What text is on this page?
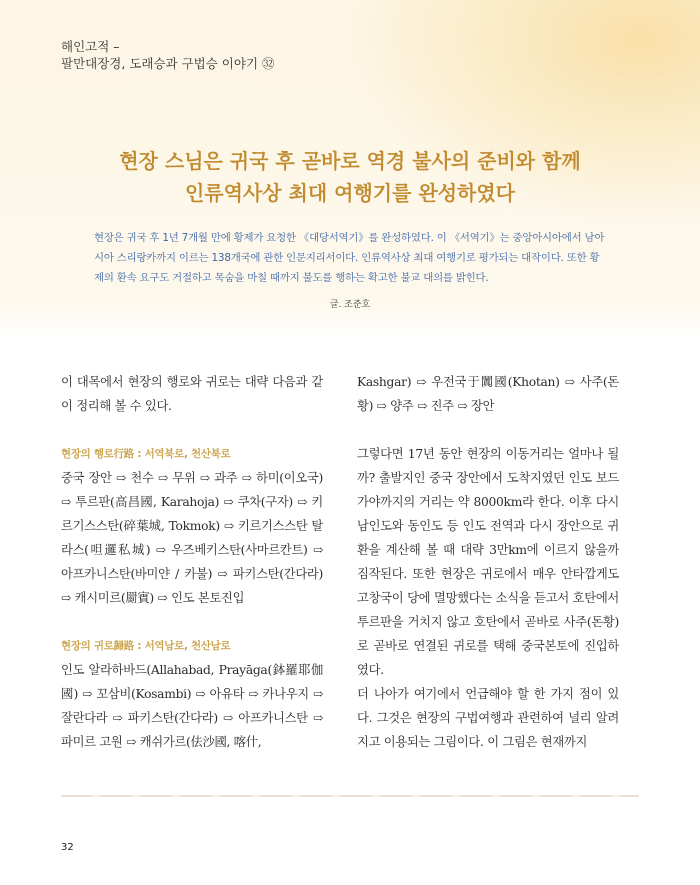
해인고적 –
팔만대장경, 도래승과 구법승 이야기 ㉜
현장 스님은 귀국 후 곧바로 역경 불사의 준비와 함께
인류역사상 최대 여행기를 완성하였다
현장은 귀국 후 1년 7개월 만에 황제가 요청한 《대당서역기》를 완성하였다. 이 《서역기》는 중앙아시아에서 남아시아 스리랑카까지 이르는 138개국에 관한 인문지리서이다. 인류역사상 최대 여행기로 평가되는 대작이다. 또한 황제의 환속 요구도 거절하고 목숨을 마칠 때까지 불도를 행하는 확고한 불교 대의를 밝힌다.
글. 조준호

이 대목에서 현장의 행로와 귀로는 대략 다음과 같이 정리해 볼 수 있다.

현장의 행로行路 : 서역북로, 천산북로

중국 장안 ⇨ 천수 ⇨ 무위 ⇨ 과주 ⇨ 하미(이오국) ⇨ 투르판(高昌國, Karahoja) ⇨ 쿠차(구자) ⇨ 키르기스스탄(碎葉城, Tokmok) ⇨ 키르기스스탄 탈라스(呾邏私城) ⇨ 우즈베키스탄(사마르칸트) ⇨ 아프카니스탄(바미얀 / 카불) ⇨ 파키스탄(간다라) ⇨ 캐시미르(罽賓) ⇨ 인도 본토진입

현장의 귀로歸路 : 서역남로, 천산남로

인도 알라하바드(Allahabad, Prayāga(鉢羅耶伽國) ⇨ 꼬삼비(Kosambi) ⇨ 아유타 ⇨ 카나우지 ⇨ 잘란다라 ⇨ 파키스탄(간다라) ⇨ 아프카니스탄 ⇨ 파미르 고원 ⇨ 캐쉬가르(佉沙國, 喀什,

Kashgar) ⇨ 우전국于闐國(Khotan) ⇨ 사주(돈황) ⇨ 양주 ⇨ 진주 ⇨ 장안

그렇다면 17년 동안 현장의 이동거리는 얼마나 될까? 출발지인 중국 장안에서 도착지였던 인도 보드가야까지의 거리는 약 8000km라 한다. 이후 다시 남인도와 동인도 등 인도 전역과 다시 장안으로 귀환을 계산해 볼 때 대략 3만km에 이르지 않을까 짐작된다. 또한 현장은 귀로에서 매우 안타깝게도 고창국이 당에 멸망했다는 소식을 듣고서 호탄에서 투르판을 거치지 않고 호탄에서 곧바로 사주(돈황)로 곧바로 연결된 귀로를 택해 중국본토에 진입하였다.

더 나아가 여기에서 언급해야 할 한 가지 점이 있다. 그것은 현장의 구법여행과 관련하여 널리 알려지고 이용되는 그림이다. 이 그림은 현재까지

32
